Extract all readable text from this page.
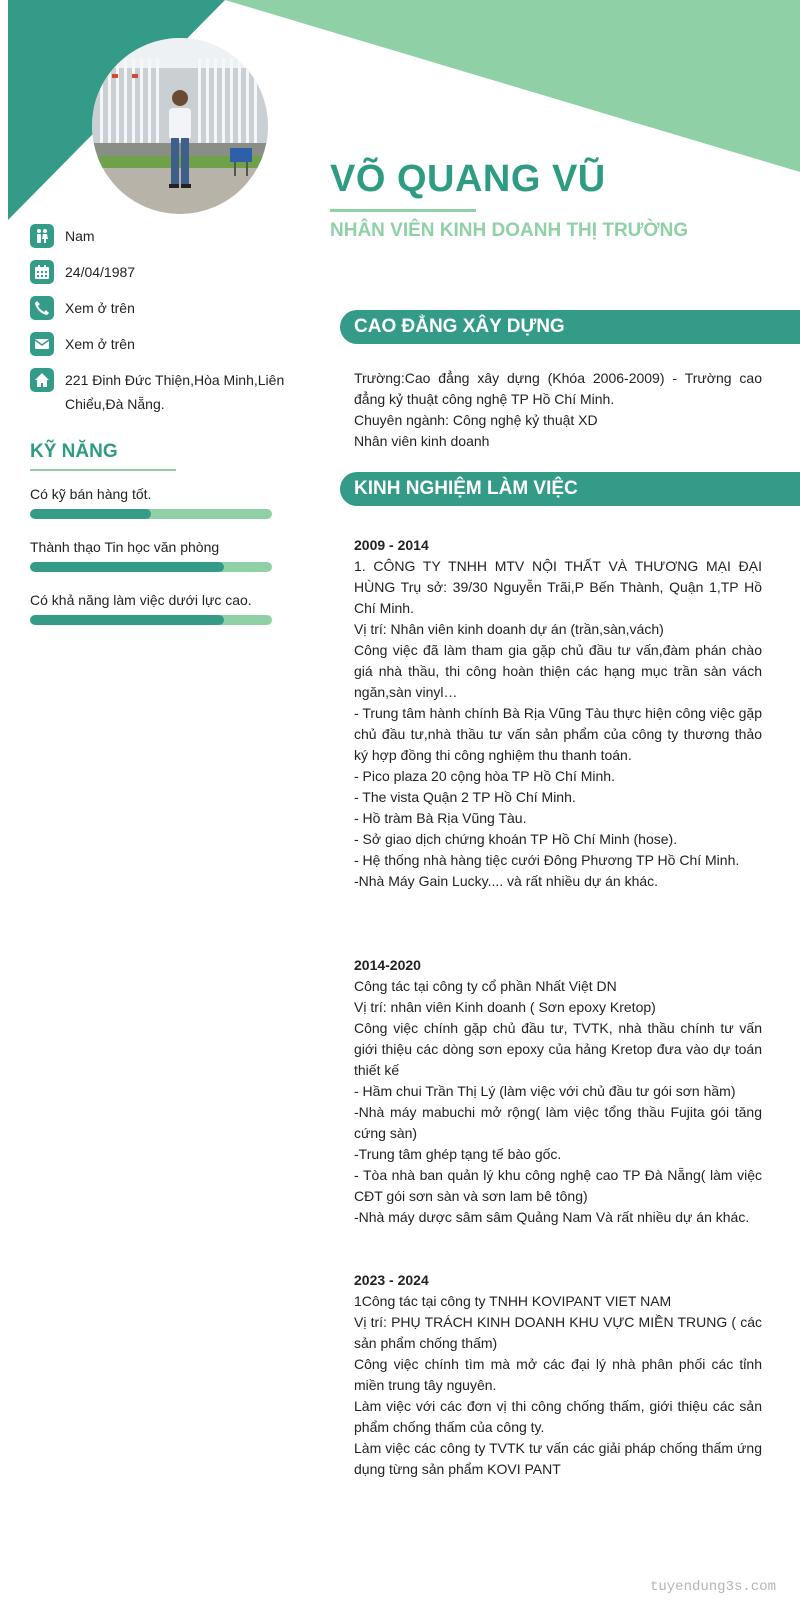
VÕ QUANG VŨ
NHÂN VIÊN KINH DOANH THỊ TRƯỜNG
Nam
24/04/1987
Xem ở trên
Xem ở trên
221 Đinh Đức Thiện,Hòa Minh,Liên Chiểu,Đà Nẵng.
KỸ NĂNG
Có kỹ bán hàng tốt.
Thành thạo Tin học văn phòng
Có khả năng làm việc dưới lực cao.
CAO ĐẲNG XÂY DỰNG

Trường:Cao đẳng xây dựng (Khóa 2006-2009) - Trường cao đẳng kỷ thuật công nghệ TP Hồ Chí Minh.

Chuyên ngành: Công nghệ kỷ thuật XD

Nhân viên kinh doanh

KINH NGHIỆM LÀM VIỆC

2009 - 2014

1. CÔNG TY TNHH MTV NỘI THẤT VÀ THƯƠNG MẠI ĐẠI HÙNG Trụ sở: 39/30 Nguyễn Trãi,P Bến Thành, Quận 1,TP Hồ Chí Minh.

Vị trí: Nhân viên kinh doanh dự án (trần,sàn,vách)

Công việc đã làm tham gia gặp chủ đầu tư vấn,đàm phán chào giá nhà thầu, thi công hoàn thiện các hạng mục trần sàn vách ngăn,sàn vinyl…

- Trung tâm hành chính Bà Rịa Vũng Tàu thực hiện công việc gặp chủ đầu tư,nhà thầu tư vấn sản phẩm của công ty thương thảo ký hợp đồng thi công nghiệm thu thanh toán.

- Pico plaza 20 cộng hòa TP Hồ Chí Minh.

- The vista Quận 2 TP Hồ Chí Minh.

- Hồ tràm Bà Rịa Vũng Tàu.

- Sở giao dịch chứng khoán TP Hồ Chí Minh (hose).

- Hệ thống nhà hàng tiệc cưới Đông Phương TP Hồ Chí Minh.

-Nhà Máy Gain Lucky.... và rất nhiều dự án khác.

2014-2020

Công tác tại công ty cổ phần Nhất Việt DN

Vị trí: nhân viên Kinh doanh ( Sơn epoxy Kretop)

Công việc chính gặp chủ đầu tư, TVTK, nhà thầu chính tư vấn giới thiệu các dòng sơn epoxy của hảng Kretop đưa vào dự toán thiết kế

- Hầm chui Trần Thị Lý (làm việc với chủ đầu tư gói sơn hầm)

-Nhà máy mabuchi mở rộng( làm việc tổng thầu Fujita gói tăng cứng sàn)

-Trung tâm ghép tạng tế bào gốc.

- Tòa nhà ban quản lý khu công nghệ cao TP Đà Nẵng( làm việc CĐT gói sơn sàn và sơn lam bê tông)

-Nhà máy dược sâm sâm Quảng Nam Và rất nhiều dự án khác.

2023 - 2024

1Công tác tại công ty TNHH KOVIPANT VIET NAM

Vị trí: PHỤ TRÁCH KINH DOANH KHU VỰC MIỀN TRUNG ( các sản phẩm chống thấm)

Công việc chính tìm mà mở các đại lý nhà phân phối các tỉnh miền trung tây nguyên.

Làm việc với các đơn vị thi công chống thấm, giới thiệu các sản phẩm chống thấm của công ty.

Làm việc các công ty TVTK tư vấn các giải pháp chống thấm ứng dụng từng sản phẩm KOVI PANT

tuyendung3s.com
